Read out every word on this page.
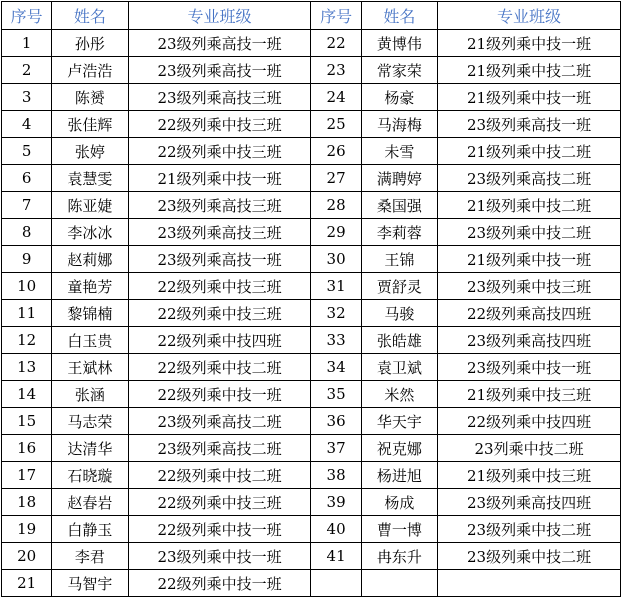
序号	姓名	专业班级	序号	姓名	专业班级
1	孙彤	23级列乘高技一班	22	黄博伟	21级列乘中技一班
2	卢浩浩	23级列乘高技一班	23	常家荣	21级列乘中技二班
3	陈赟	23级列乘高技三班	24	杨豪	21级列乘中技一班
4	张佳辉	22级列乘中技三班	25	马海梅	23级列乘高技一班
5	张婷	22级列乘中技三班	26	未雪	21级列乘中技二班
6	袁慧雯	21级列乘中技一班	27	满聘婷	23级列乘高技二班
7	陈亚婕	23级列乘高技三班	28	桑国强	21级列乘中技二班
8	李冰冰	23级列乘高技三班	29	李莉蓉	23级列乘中技二班
9	赵莉娜	23级列乘高技一班	30	王锦	21级列乘中技一班
10	童艳芳	22级列乘中技三班	31	贾舒灵	23级列乘中技三班
11	黎锦楠	22级列乘中技三班	32	马骏	22级列乘高技四班
12	白玉贵	22级列乘中技四班	33	张皓雄	23级列乘高技四班
13	王斌林	22级列乘中技二班	34	袁卫斌	23级列乘中技一班
14	张涵	22级列乘中技一班	35	米然	21级列乘中技三班
15	马志荣	23级列乘高技二班	36	华天宇	22级列乘中技四班
16	达清华	23级列乘高技二班	37	祝克娜	23列乘中技二班
17	石晓璇	22级列乘中技二班	38	杨进旭	21级列乘中技三班
18	赵春岩	22级列乘中技三班	39	杨成	23级列乘高技四班
19	白静玉	22级列乘中技一班	40	曹一博	23级列乘中技二班
20	李君	23级列乘中技一班	41	冉东升	23级列乘中技二班
21	马智宇	22级列乘中技一班			
